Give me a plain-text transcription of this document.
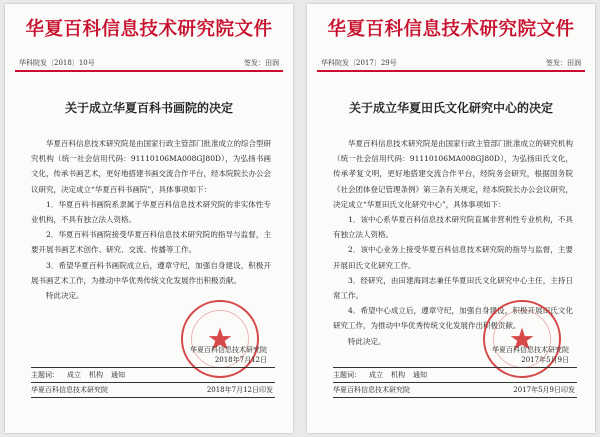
华夏百科信息技术研究院文件
华科院发〔2018〕10号	签发：田润
关于成立华夏百科书画院的决定

华夏百科信息技术研究院是由国家行政主管部门批准成立的综合型研究机构（统一社会信用代码：91110106MA008GJ80D），为弘扬书画文化，传承书画艺术，更好地搭建书画交流合作平台，经本院院长办公会议研究，决定成立“华夏百科书画院”，具体事项如下：

1．华夏百科书画院系隶属于华夏百科信息技术研究院的非实体性专业机构，不具有独立法人资格。

2．华夏百科书画院接受华夏百科信息技术研究院的指导与监督，主要开展书画艺术创作、研究、交流、传播等工作。

3．希望华夏百科书画院成立后，遵章守纪，加强自身建设，积极开展书画艺术工作，为推动中华优秀传统文化发展作出积极贡献。

特此决定。

华夏百科信息技术研究院
2018年7月12日
主题词： 成立 机构 通知
华夏百科信息技术研究院	2018年7月12日印发
华夏百科信息技术研究院文件
华科院发〔2017〕29号	签发：田润
关于成立华夏田氏文化研究中心的决定

华夏百科信息技术研究院是由国家行政主管部门批准成立的研究机构（统一社会信用代码：91110106MA008GJ80D），为弘扬田氏文化，传承孝复文明，更好地搭建交流合作平台，经院务会研究，根据国务院《社会团体登记管理条例》第三条有关规定，经本院院长办公会议研究，决定成立“华夏田氏文化研究中心”，具体事项如下：

1．该中心系华夏百科信息技术研究院直属非营利性专业机构，不具有独立法人资格。

2．该中心业务上接受华夏百科信息技术研究院的指导与监督，主要开展田氏文化研究工作。

3．经研究，由田建海同志兼任华夏田氏文化研究中心主任，主持日常工作。

4．希望中心成立后，遵章守纪，加强自身建设，积极开展田氏文化研究工作，为推动中华优秀传统文化发展作出积极贡献。

特此决定。

华夏百科信息技术研究院
2017年5月9日
主题词： 成立 机构 通知
华夏百科信息技术研究院	2017年5月9日印发
